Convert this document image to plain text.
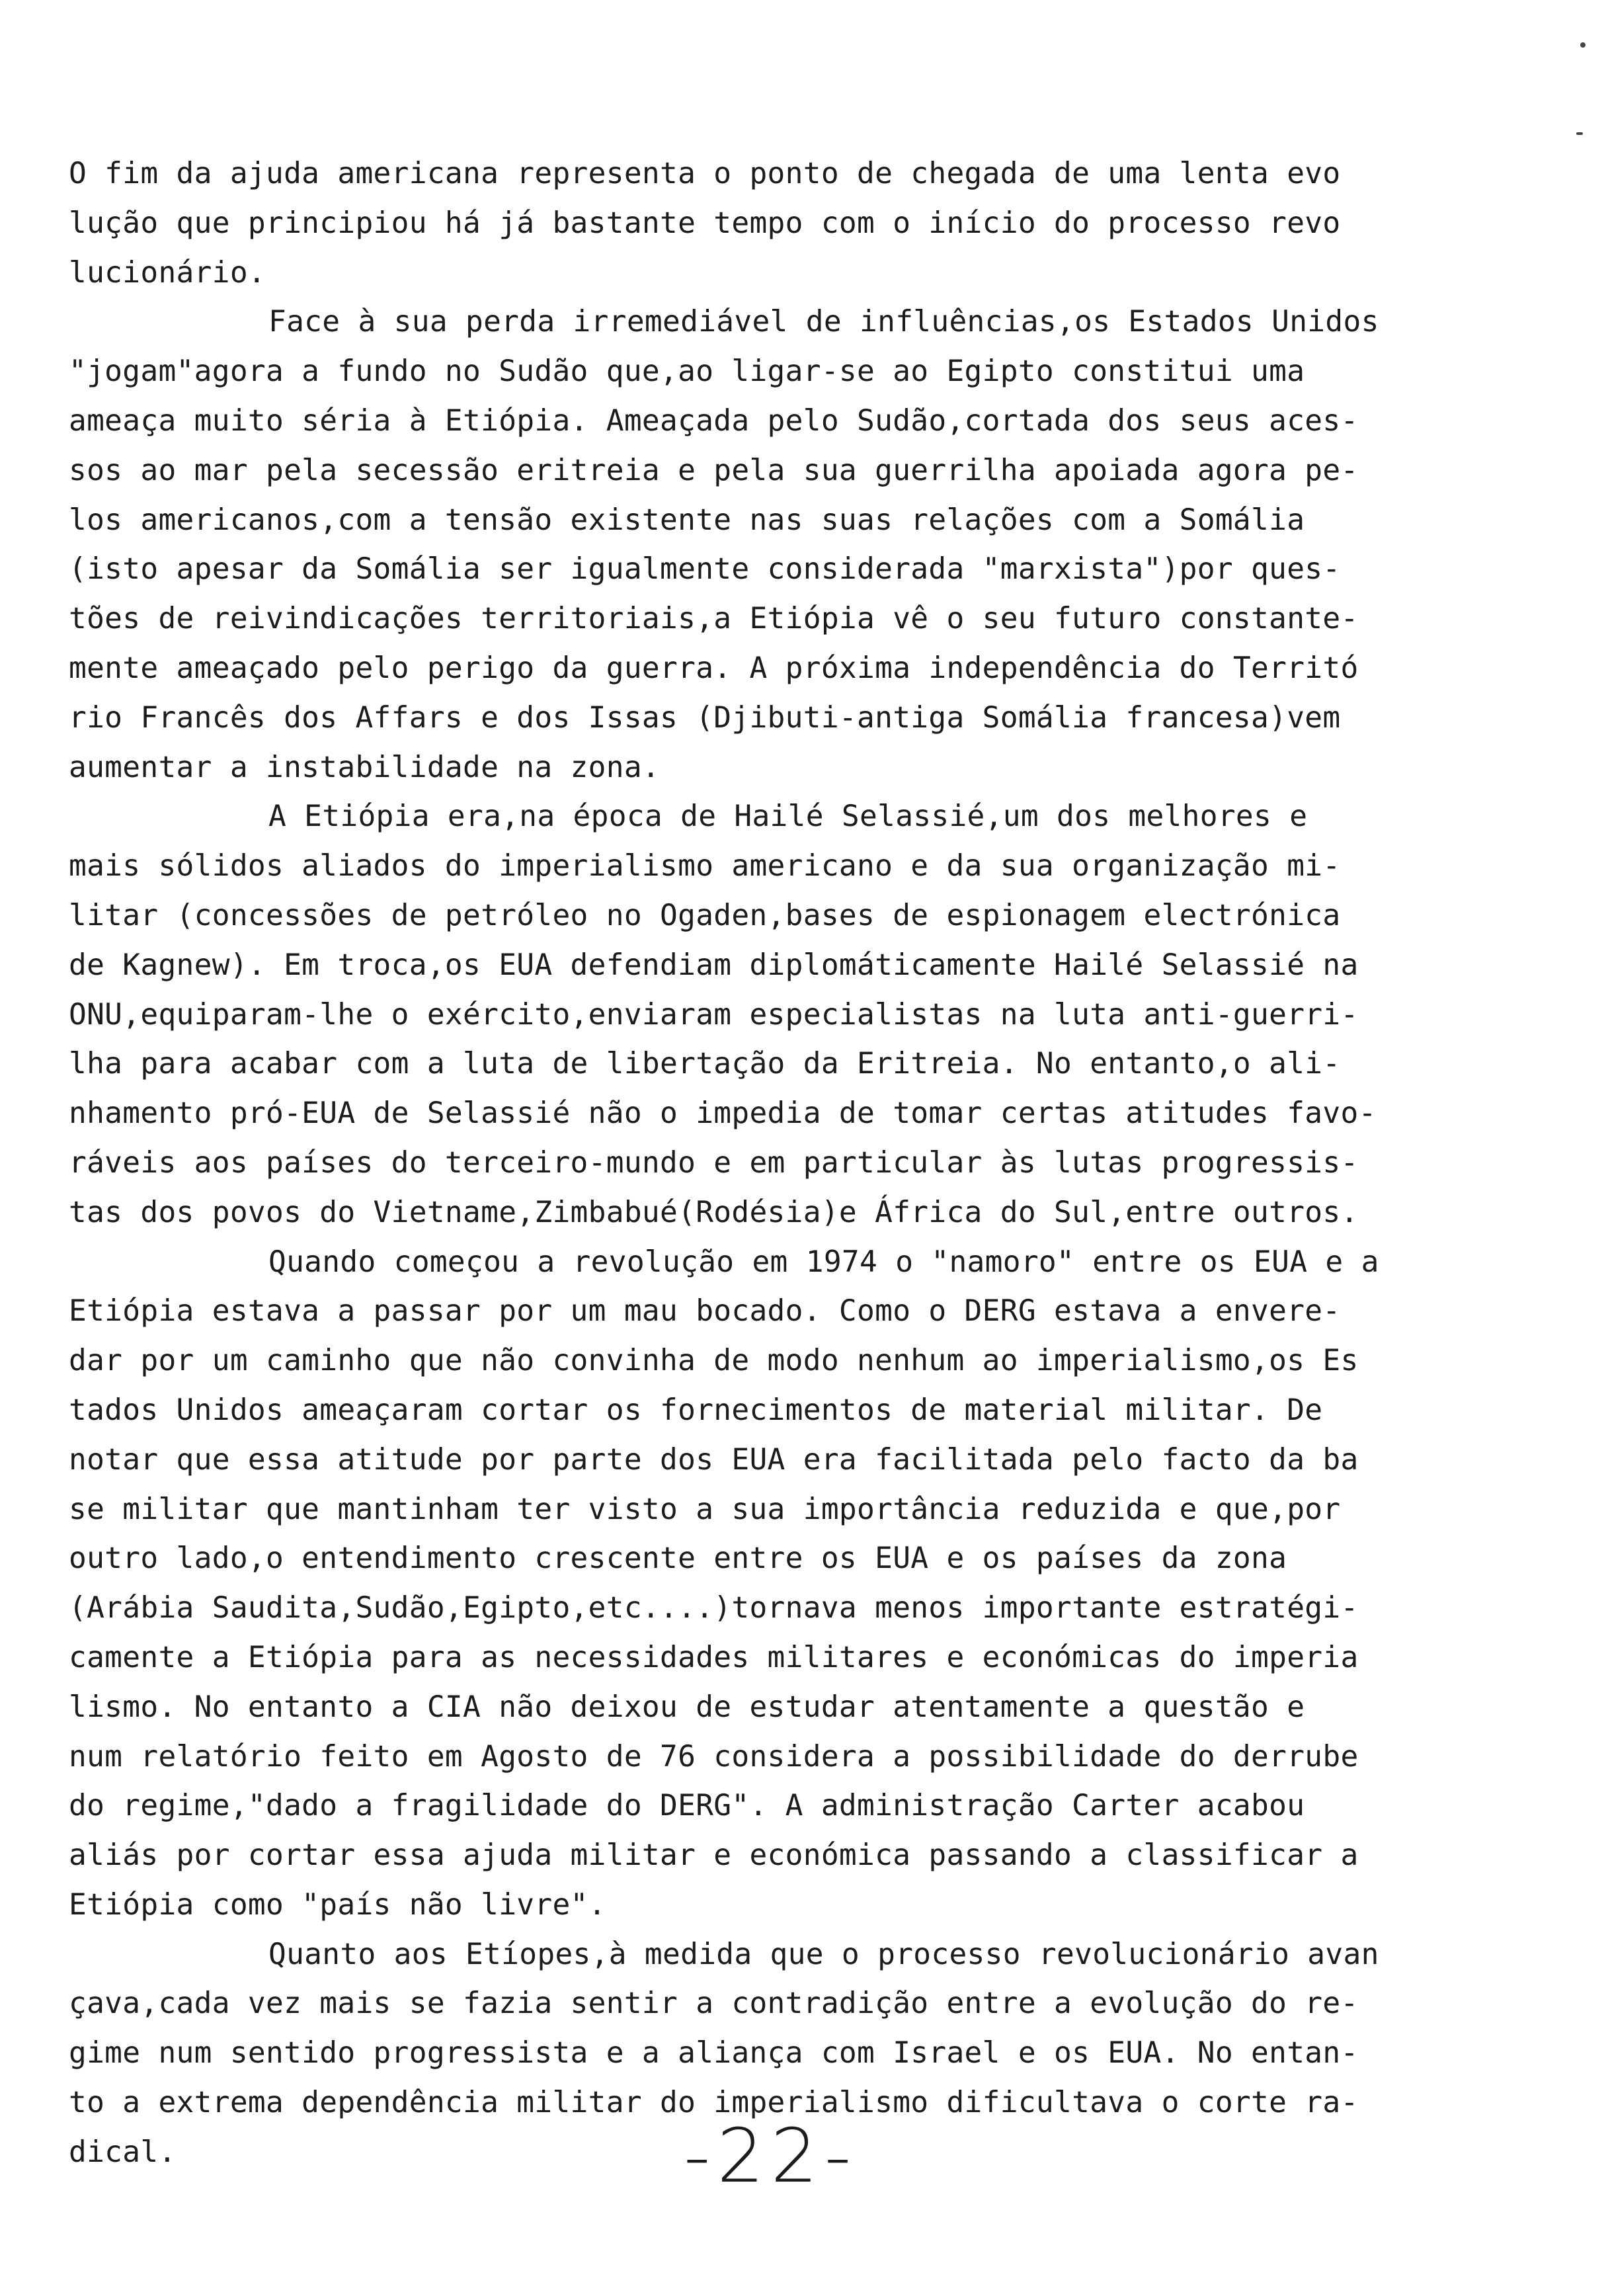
O fim da ajuda americana representa o ponto de chegada de uma lenta evo
lução que principiou há já bastante tempo com o início do processo revo
lucionário.
Face à sua perda irremediável de influências,os Estados Unidos
"jogam"agora a fundo no Sudão que,ao ligar-se ao Egipto constitui uma
ameaça muito séria à Etiópia. Ameaçada pelo Sudão,cortada dos seus aces-
sos ao mar pela secessão eritreia e pela sua guerrilha apoiada agora pe-
los americanos,com a tensão existente nas suas relações com a Somália
(isto apesar da Somália ser igualmente considerada "marxista")por ques-
tões de reivindicações territoriais,a Etiópia vê o seu futuro constante-
mente ameaçado pelo perigo da guerra. A próxima independência do Territó
rio Francês dos Affars e dos Issas (Djibuti-antiga Somália francesa)vem
aumentar a instabilidade na zona.
A Etiópia era,na época de Hailé Selassié,um dos melhores e
mais sólidos aliados do imperialismo americano e da sua organização mi-
litar (concessões de petróleo no Ogaden,bases de espionagem electrónica
de Kagnew). Em troca,os EUA defendiam diplomáticamente Hailé Selassié na
ONU,equiparam-lhe o exército,enviaram especialistas na luta anti-guerri-
lha para acabar com a luta de libertação da Eritreia. No entanto,o ali-
nhamento pró-EUA de Selassié não o impedia de tomar certas atitudes favo-
ráveis aos países do terceiro-mundo e em particular às lutas progressis-
tas dos povos do Vietname,Zimbabué(Rodésia)e África do Sul,entre outros.
Quando começou a revolução em 1974 o "namoro" entre os EUA e a
Etiópia estava a passar por um mau bocado. Como o DERG estava a envere-
dar por um caminho que não convinha de modo nenhum ao imperialismo,os Es
tados Unidos ameaçaram cortar os fornecimentos de material militar. De
notar que essa atitude por parte dos EUA era facilitada pelo facto da ba
se militar que mantinham ter visto a sua importância reduzida e que,por
outro lado,o entendimento crescente entre os EUA e os países da zona
(Arábia Saudita,Sudão,Egipto,etc....)tornava menos importante estratégi-
camente a Etiópia para as necessidades militares e económicas do imperia
lismo. No entanto a CIA não deixou de estudar atentamente a questão e
num relatório feito em Agosto de 76 considera a possibilidade do derrube
do regime,"dado a fragilidade do DERG". A administração Carter acabou
aliás por cortar essa ajuda militar e económica passando a classificar a
Etiópia como "país não livre".
Quanto aos Etíopes,à medida que o processo revolucionário avan
çava,cada vez mais se fazia sentir a contradição entre a evolução do re-
gime num sentido progressista e a aliança com Israel e os EUA. No entan-
to a extrema dependência militar do imperialismo dificultava o corte ra-
dical.	-22-
